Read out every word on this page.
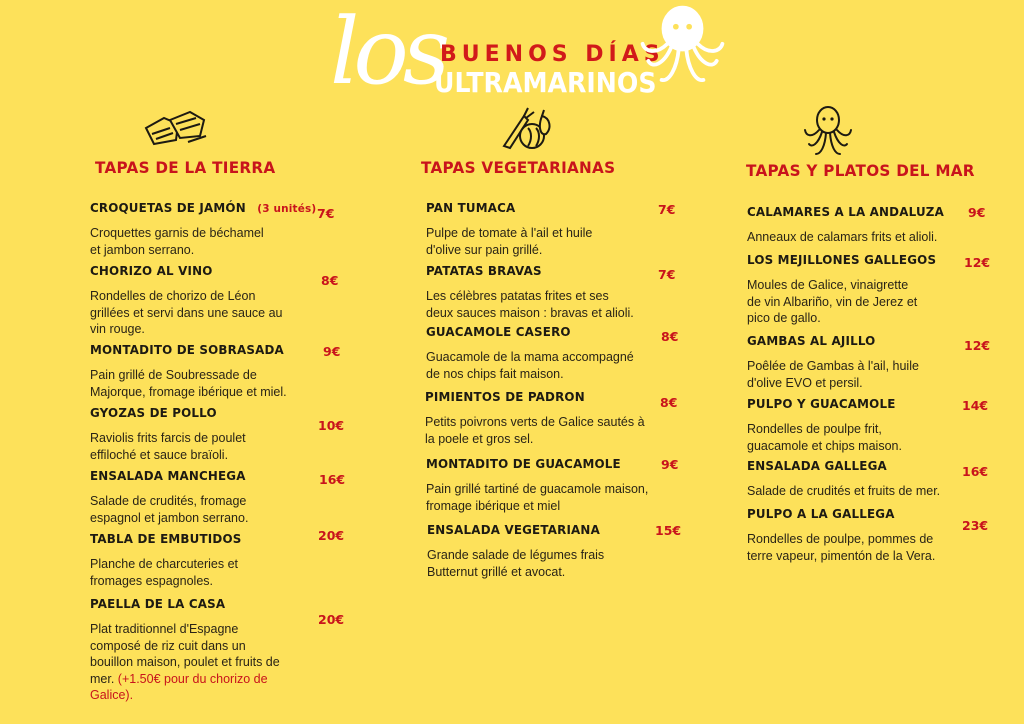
los
BUENOS DÍAS
ULTRAMARINOS
TAPAS DE LA TIERRA
CROQUETAS DE JAMÓN (3 unités)
Croquettes garnis de béchamel
et jambon serrano.
7€
CHORIZO AL VINO
Rondelles de chorizo de Léon
grillées et servi dans une sauce au
vin rouge.
8€
MONTADITO DE SOBRASADA
Pain grillé de Soubressade de
Majorque, fromage ibérique et miel.
9€
GYOZAS DE POLLO
Raviolis frits farcis de poulet
effiloché et sauce braïoli.
10€
ENSALADA MANCHEGA
Salade de crudités, fromage
espagnol et jambon serrano.
16€
TABLA DE EMBUTIDOS
Planche de charcuteries et
fromages espagnoles.
20€
PAELLA DE LA CASA
Plat traditionnel d'Espagne
composé de riz cuit dans un
bouillon maison, poulet et fruits de
mer. (+1.50€ pour du chorizo de
Galice).
20€
TAPAS VEGETARIANAS
PAN TUMACA
Pulpe de tomate à l'ail et huile
d'olive sur pain grillé.
7€
PATATAS BRAVAS
Les célèbres patatas frites et ses
deux sauces maison : bravas et alioli.
7€
GUACAMOLE CASERO
Guacamole de la mama accompagné
de nos chips fait maison.
8€
PIMIENTOS DE PADRON
Petits poivrons verts de Galice sautés à
la poele et gros sel.
8€
MONTADITO DE GUACAMOLE
Pain grillé tartiné de guacamole maison,
fromage ibérique et miel
9€
ENSALADA VEGETARIANA
Grande salade de légumes frais
Butternut grillé et avocat.
15€
TAPAS Y PLATOS DEL MAR
CALAMARES A LA ANDALUZA
Anneaux de calamars frits et alioli.
9€
LOS MEJILLONES GALLEGOS
Moules de Galice, vinaigrette
de vin Albariño, vin de Jerez et
pico de gallo.
12€
GAMBAS AL AJILLO
Poêlée de Gambas à l'ail, huile
d'olive EVO et persil.
12€
PULPO Y GUACAMOLE
Rondelles de poulpe frit,
guacamole et chips maison.
14€
ENSALADA GALLEGA
Salade de crudités et fruits de mer.
16€
PULPO A LA GALLEGA
Rondelles de poulpe, pommes de
terre vapeur, pimentón de la Vera.
23€
